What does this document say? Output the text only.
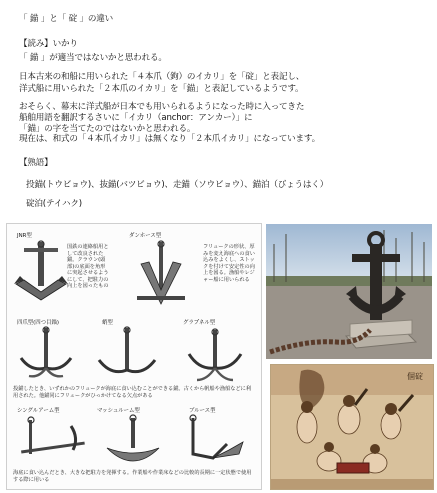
「 錨 」と「 碇 」の違い
【読み】いかり
「 錨 」が適当ではないかと思われる。
日本古来の和船に用いられた「４本爪（鉤）のイカリ」を「碇」と表記し、
洋式船に用いられた「２本爪のイカリ」を「錨」と表記しているようです。
おそらく、幕末に洋式船が日本でも用いられるようになった時に入ってきた
船舶用語を翻訳するさいに「イカリ（anchor：アンカー）」に
「錨」の字を当てたのではないかと思われる。
現在は、和式の「４本爪イカリ」は無くなり「２本爪イカリ」になっています。
【熟語】
投錨(トウビョウ)、抜錨(バツビョウ)、走錨（ソウビョウ）、錨泊（びょうはく）
碇泊(テイハク)
JNR型
国鉄の連絡船用として改良された錨。クラウン(頭部)の底面を角形に突起させるようにして、把駐力の向上を図ったもの
ダンホース型
フリュークの形状、厚みを変え海底への食い込みをよくし、ストックを付けて安定性の向上を図る。漁船やレジャー船に用いられる
四爪型(四つ目錨)	蛸型	グラプネル型
投錨したとき、いずれかのフリュークが海底に食い込むことができる錨。古くから帆船や漁船などに利用された。他錨同にフリュークがひっかけてなる欠点がある
シングルアーム型	マッシュルーム型	ブルース型
海底に食い込んだとき、大きな把駐力を発揮する。作業船や作業床などの比較的長期に一定状態で使用する際に用いる
個碇
